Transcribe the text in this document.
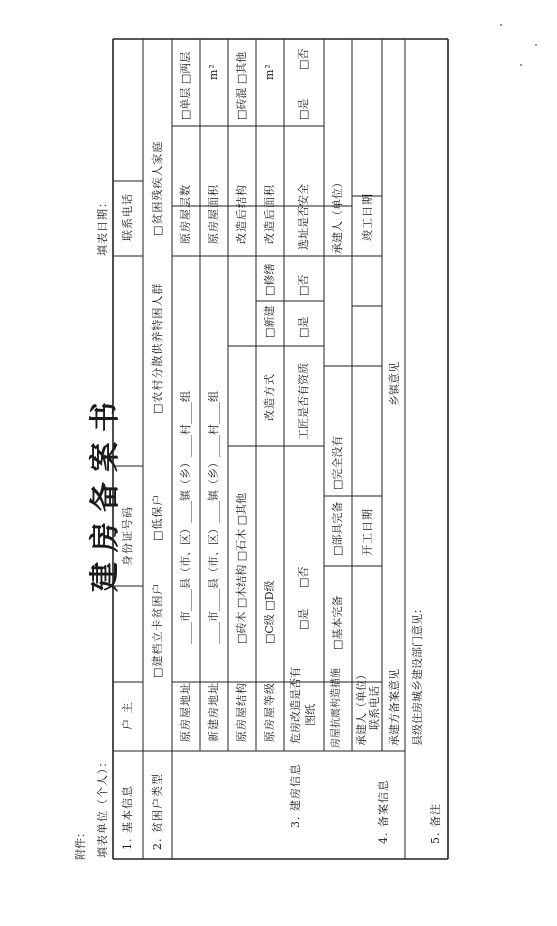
附件：
建房备案书
填表单位（个人）：
填表日期：
1. 基本信息
户 主
身份证号码
联系电话
2. 贫困户类型
□建档立卡贫困户
□低保户
□农村分散供养特困人群
□贫困残疾人家庭
3. 建房信息
原房屋地址
____市____县（市、区）____镇（乡）____村____组
原房屋层数
□单层 □两层
新建房地址
____市____县（市、区）____镇（乡）____村____组
原房屋面积
m²
原房屋结构
□砖木 □木结构 □石木 □其他
改造后结构
□砖混 □其他
原房屋等级
□C级 □D级
改造方式
□新建
□修缮
改造后面积
m²
危房改造是否有 图纸
□是
□否
工匠是否有资质
□是
□否
选址是否安全
□是
□否
房屋抗震构造措施
□基本完备
□部具完备
□完全没有
承建人（单位）
承建人（单位） 联系电话
开工日期
竣工日期
承建方备案意见
乡镇意见
4. 备案信息
县级住房城乡建设部门意见：
5. 备注
